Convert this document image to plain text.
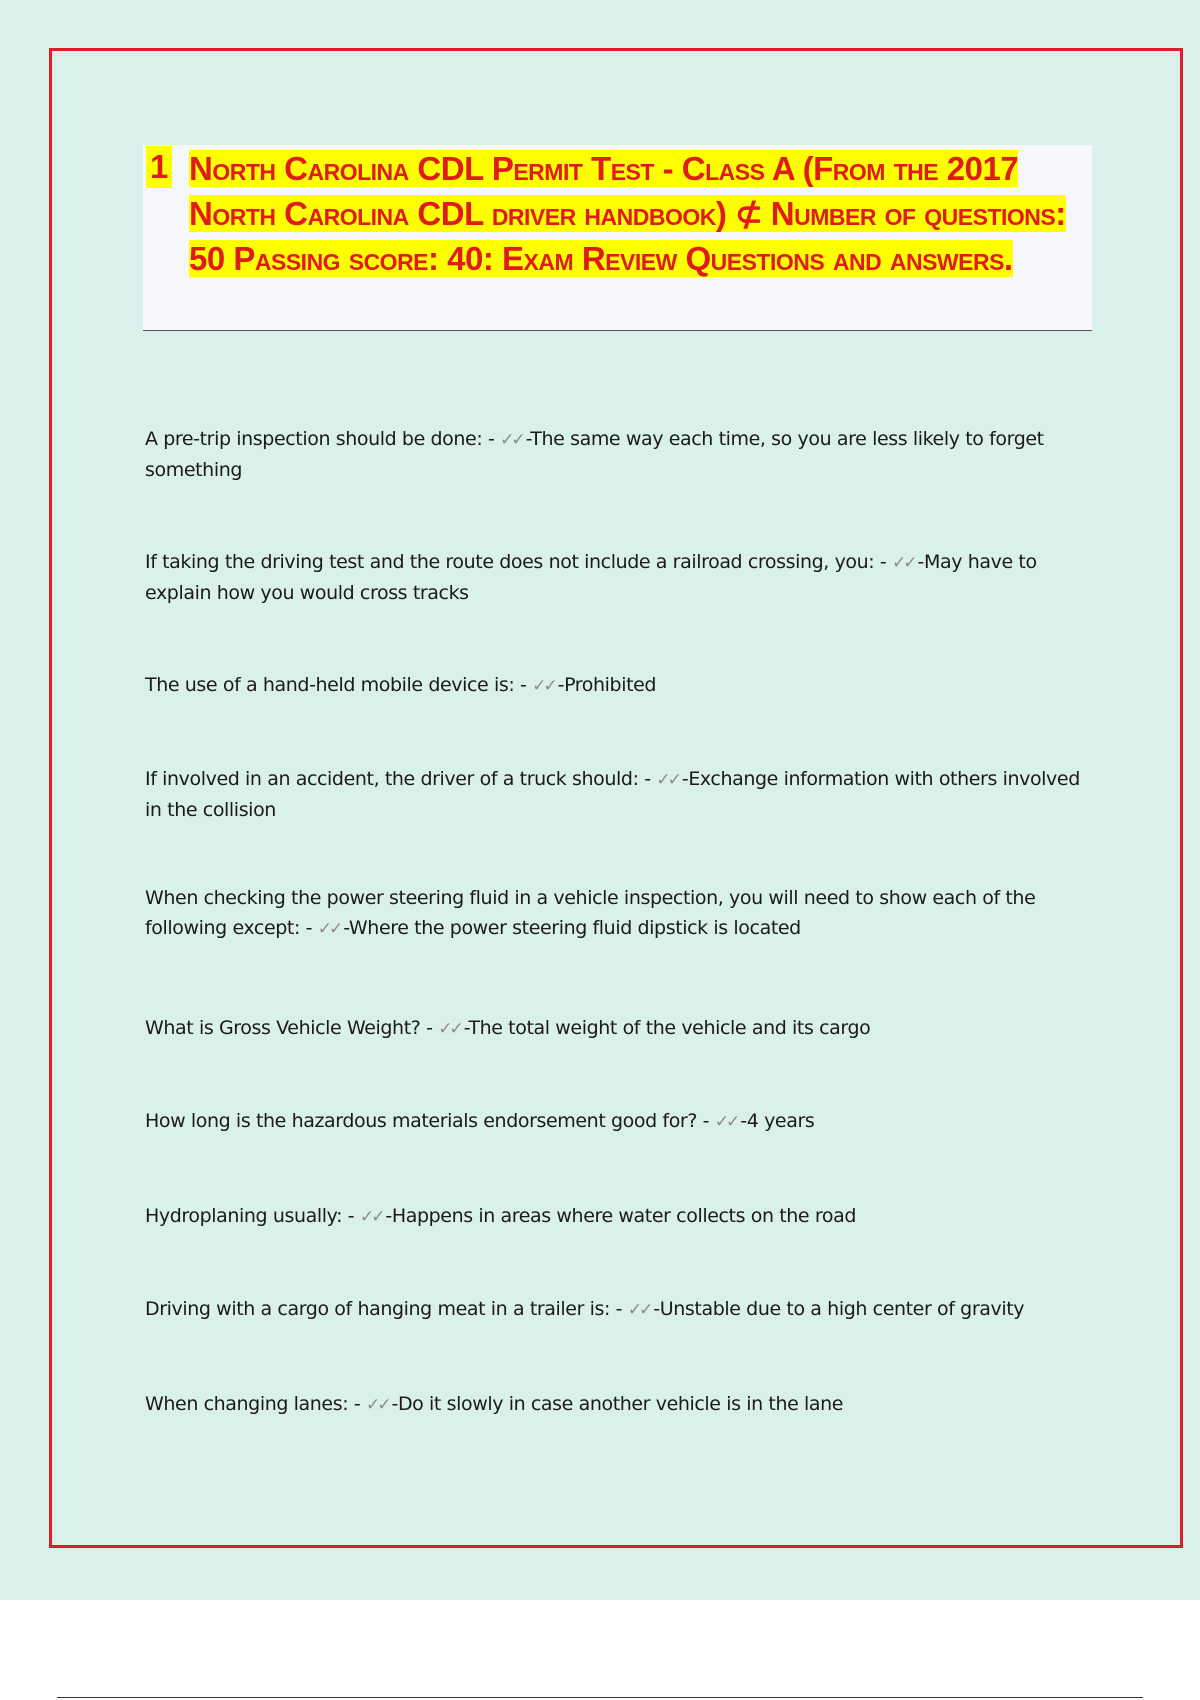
1 North Carolina CDL Permit Test - Class A (From the 2017 North Carolina CDL driver handbook) ⊄ Number of questions: 50 Passing score: 40: Exam Review Questions and answers.
A pre-trip inspection should be done: - ✓✓ -The same way each time, so you are less likely to forget something
If taking the driving test and the route does not include a railroad crossing, you: - ✓✓ -May have to explain how you would cross tracks
The use of a hand-held mobile device is: - ✓✓ -Prohibited
If involved in an accident, the driver of a truck should: - ✓✓ -Exchange information with others involved in the collision
When checking the power steering fluid in a vehicle inspection, you will need to show each of the following except: - ✓✓ -Where the power steering fluid dipstick is located
What is Gross Vehicle Weight? - ✓✓ -The total weight of the vehicle and its cargo
How long is the hazardous materials endorsement good for? - ✓✓ -4 years
Hydroplaning usually: - ✓✓ -Happens in areas where water collects on the road
Driving with a cargo of hanging meat in a trailer is: - ✓✓ -Unstable due to a high center of gravity
When changing lanes: - ✓✓ -Do it slowly in case another vehicle is in the lane
